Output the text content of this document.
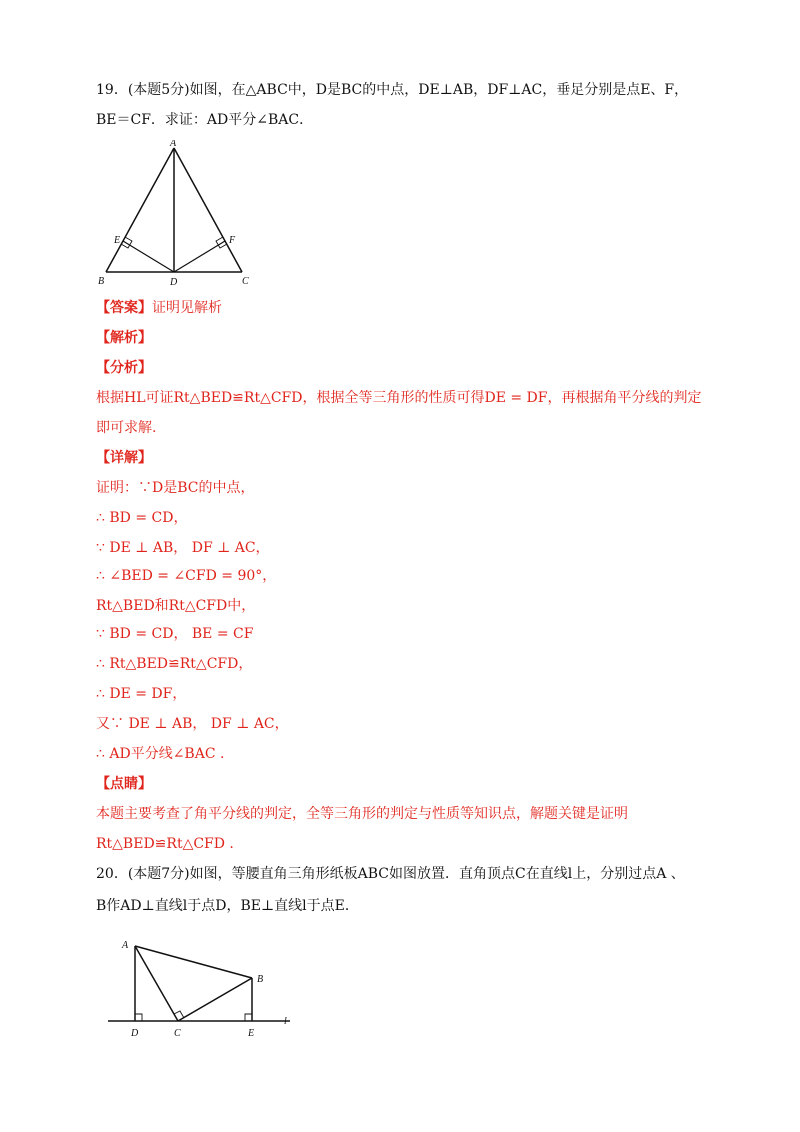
19．(本题5分)如图，在△ABC中，D是BC的中点，DE⊥AB，DF⊥AC，垂足分别是点E、F，
BE＝CF．求证：AD平分∠BAC．
A
B	C
D
E	F
【答案】证明见解析
【解析】
【分析】
根据HL可证Rt△BED≌Rt△CFD，根据全等三角形的性质可得DE = DF，再根据角平分线的判定
即可求解.
【详解】
证明：∵D是BC的中点，
∴ BD = CD，
∵ DE ⊥ AB， DF ⊥ AC，
∴ ∠BED = ∠CFD = 90°，
Rt△BED和Rt△CFD中，
∵ BD = CD， BE = CF
∴ Rt△BED≌Rt△CFD，
∴ DE = DF，
又∵ DE ⊥ AB， DF ⊥ AC，
∴ AD平分线∠BAC .
【点睛】
本题主要考查了角平分线的判定，全等三角形的判定与性质等知识点，解题关键是证明
Rt△BED≌Rt△CFD .
20．(本题7分)如图，等腰直角三角形纸板ABC如图放置．直角顶点C在直线l上，分别过点A 、
B作AD⊥直线l于点D，BE⊥直线l于点E．
A
B
C
D	E
l
